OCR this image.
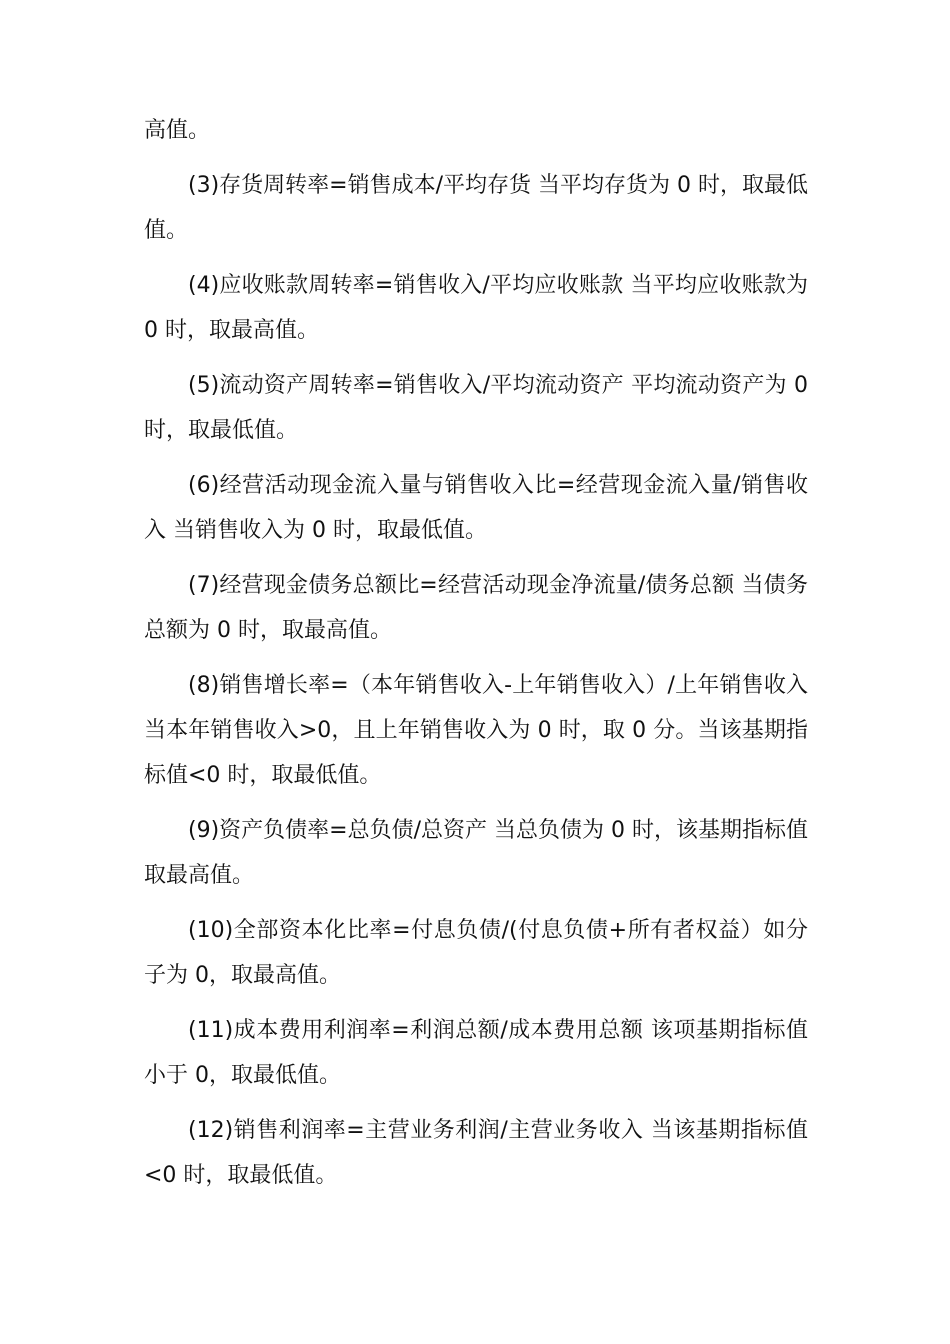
高值。

(3)存货周转率=销售成本/平均存货 当平均存货为 0 时，取最低值。

(4)应收账款周转率=销售收入/平均应收账款 当平均应收账款为 0 时，取最高值。

(5)流动资产周转率=销售收入/平均流动资产 平均流动资产为 0 时，取最低值。

(6)经营活动现金流入量与销售收入比=经营现金流入量/销售收入 当销售收入为 0 时，取最低值。

(7)经营现金债务总额比=经营活动现金净流量/债务总额 当债务总额为 0 时，取最高值。

(8)销售增长率=（本年销售收入-上年销售收入）/上年销售收入 当本年销售收入>0，且上年销售收入为 0 时，取 0 分。当该基期指标值<0 时，取最低值。

(9)资产负债率=总负债/总资产 当总负债为 0 时，该基期指标值取最高值。

(10)全部资本化比率=付息负债/(付息负债+所有者权益）如分子为 0，取最高值。

(11)成本费用利润率=利润总额/成本费用总额 该项基期指标值小于 0，取最低值。

(12)销售利润率=主营业务利润/主营业务收入 当该基期指标值<0 时，取最低值。
